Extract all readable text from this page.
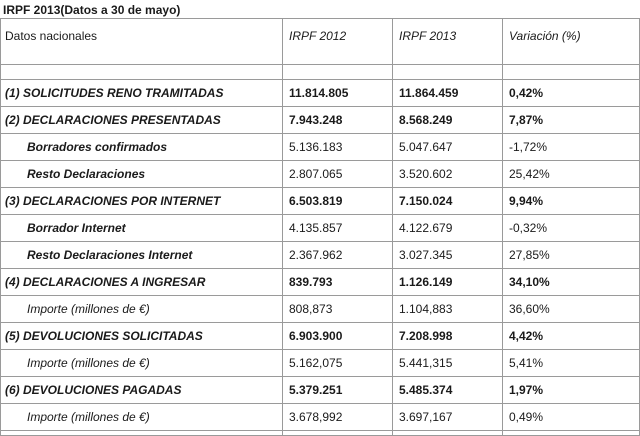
IRPF 2013(Datos a 30 de mayo)
Datos nacionales	IRPF 2012	IRPF 2013	Variación (%)

(1) SOLICITUDES RENO TRAMITADAS	11.814.805	11.864.459	0,42%
(2) DECLARACIONES PRESENTADAS	7.943.248	8.568.249	7,87%
Borradores confirmados	5.136.183	5.047.647	-1,72%
Resto Declaraciones	2.807.065	3.520.602	25,42%
(3) DECLARACIONES POR INTERNET	6.503.819	7.150.024	9,94%
Borrador Internet	4.135.857	4.122.679	-0,32%
Resto Declaraciones Internet	2.367.962	3.027.345	27,85%
(4) DECLARACIONES A INGRESAR	839.793	1.126.149	34,10%
Importe (millones de €)	808,873	1.104,883	36,60%
(5) DEVOLUCIONES SOLICITADAS	6.903.900	7.208.998	4,42%
Importe (millones de €)	5.162,075	5.441,315	5,41%
(6) DEVOLUCIONES PAGADAS	5.379.251	5.485.374	1,97%
Importe (millones de €)	3.678,992	3.697,167	0,49%
